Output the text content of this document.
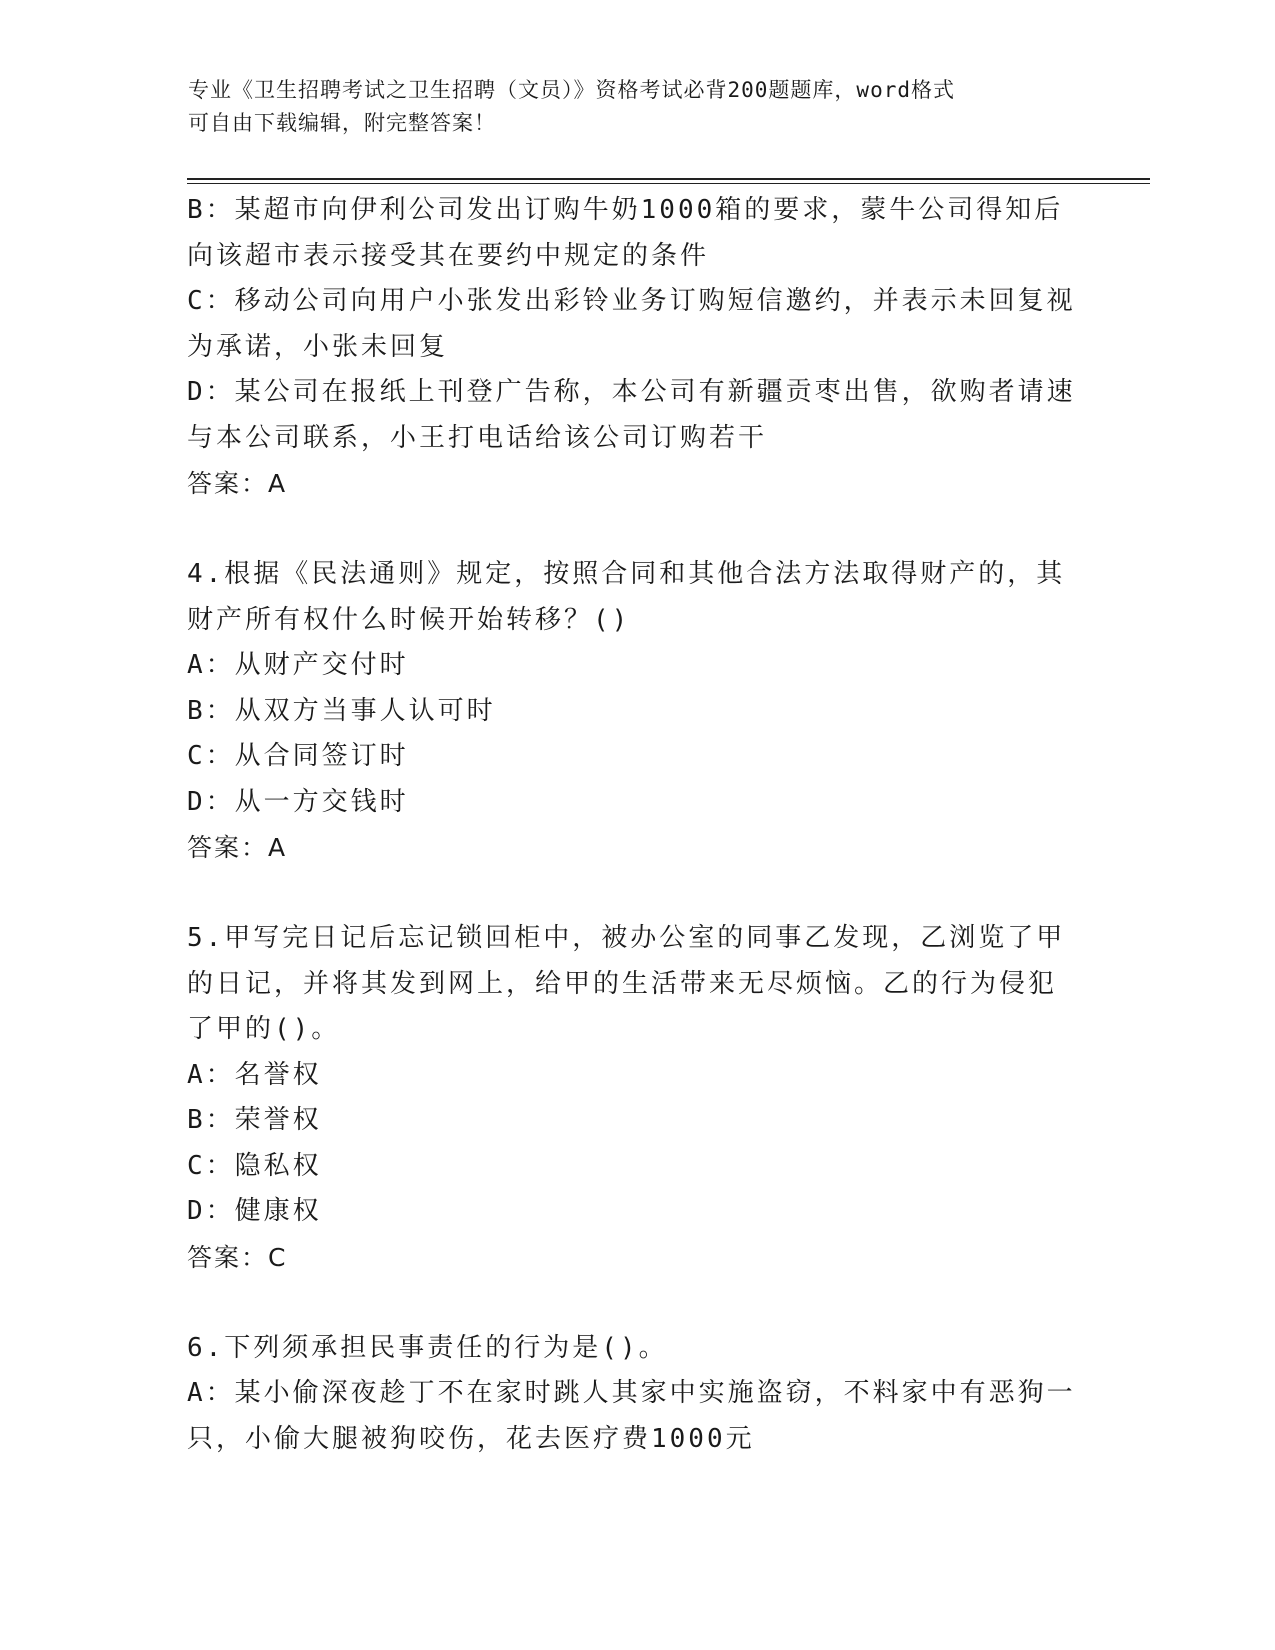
专业《卫生招聘考试之卫生招聘（文员）》资格考试必背200题题库，word格式
可自由下载编辑，附完整答案！
B：某超市向伊利公司发出订购牛奶1000箱的要求，蒙牛公司得知后
向该超市表示接受其在要约中规定的条件
C：移动公司向用户小张发出彩铃业务订购短信邀约，并表示未回复视
为承诺，小张未回复
D：某公司在报纸上刊登广告称，本公司有新疆贡枣出售，欲购者请速
与本公司联系，小王打电话给该公司订购若干
答案：A
4.根据《民法通则》规定，按照合同和其他合法方法取得财产的，其
财产所有权什么时候开始转移？()
A：从财产交付时
B：从双方当事人认可时
C：从合同签订时
D：从一方交钱时
答案：A
5.甲写完日记后忘记锁回柜中，被办公室的同事乙发现，乙浏览了甲
的日记，并将其发到网上，给甲的生活带来无尽烦恼。乙的行为侵犯
了甲的()。
A：名誉权
B：荣誉权
C：隐私权
D：健康权
答案：C
6.下列须承担民事责任的行为是()。
A：某小偷深夜趁丁不在家时跳人其家中实施盗窃，不料家中有恶狗一
只，小偷大腿被狗咬伤，花去医疗费1000元
